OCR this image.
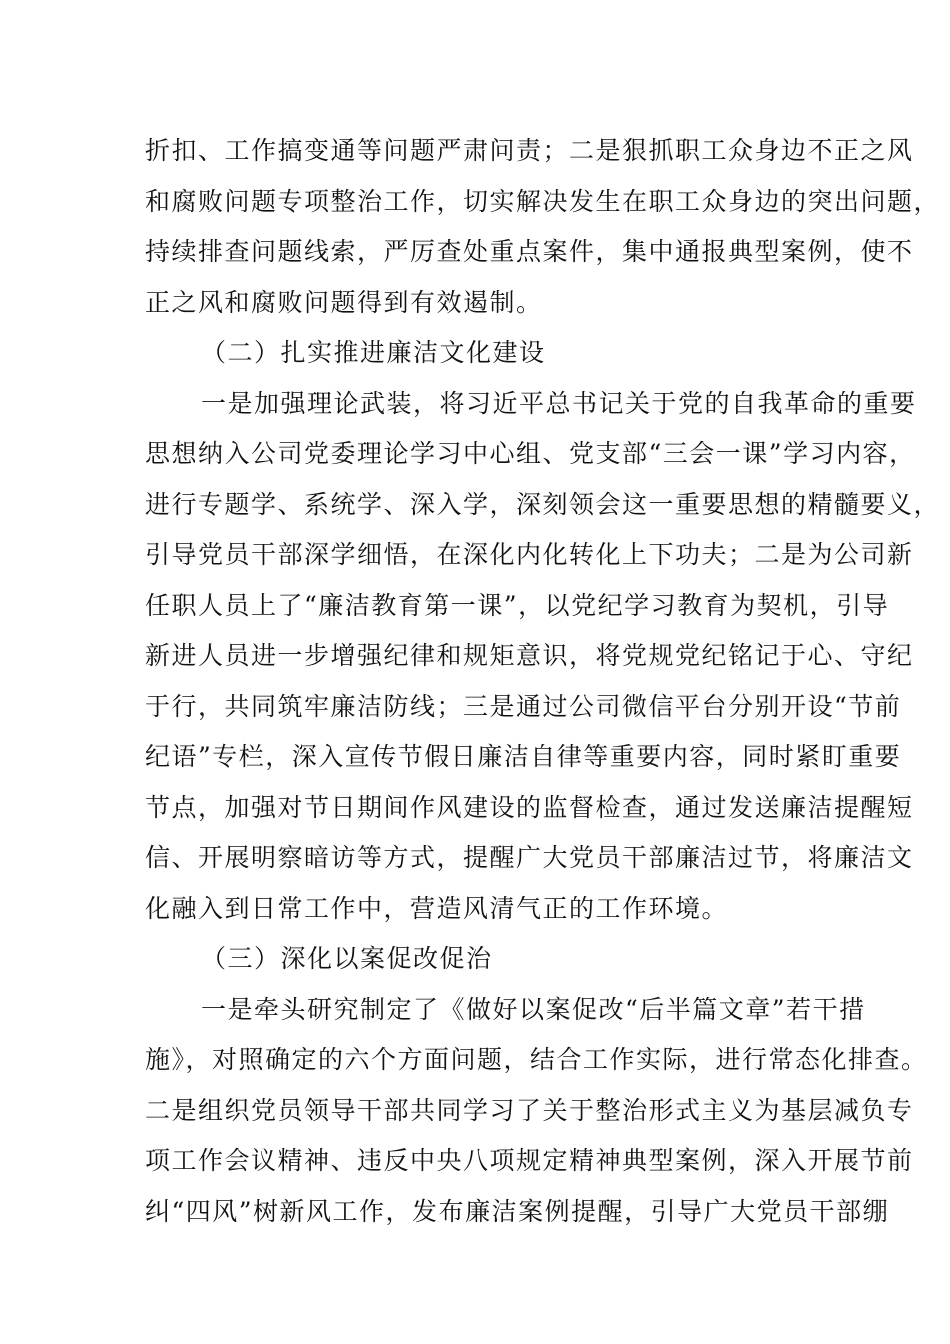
折扣、工作搞变通等问题严肃问责；二是狠抓职工众身边不正之风
和腐败问题专项整治工作，切实解决发生在职工众身边的突出问题，
持续排查问题线索，严厉查处重点案件，集中通报典型案例，使不
正之风和腐败问题得到有效遏制。
（二）扎实推进廉洁文化建设
一是加强理论武装，将习近平总书记关于党的自我革命的重要
思想纳入公司党委理论学习中心组、党支部“三会一课”学习内容，
进行专题学、系统学、深入学，深刻领会这一重要思想的精髓要义，
引导党员干部深学细悟，在深化内化转化上下功夫；二是为公司新
任职人员上了“廉洁教育第一课”，以党纪学习教育为契机，引导
新进人员进一步增强纪律和规矩意识，将党规党纪铭记于心、守纪
于行，共同筑牢廉洁防线；三是通过公司微信平台分别开设“节前
纪语”专栏，深入宣传节假日廉洁自律等重要内容，同时紧盯重要
节点，加强对节日期间作风建设的监督检查，通过发送廉洁提醒短
信、开展明察暗访等方式，提醒广大党员干部廉洁过节，将廉洁文
化融入到日常工作中，营造风清气正的工作环境。
（三）深化以案促改促治
一是牵头研究制定了《做好以案促改“后半篇文章”若干措
施》，对照确定的六个方面问题，结合工作实际，进行常态化排查。
二是组织党员领导干部共同学习了关于整治形式主义为基层减负专
项工作会议精神、违反中央八项规定精神典型案例，深入开展节前
纠“四风”树新风工作，发布廉洁案例提醒，引导广大党员干部绷
